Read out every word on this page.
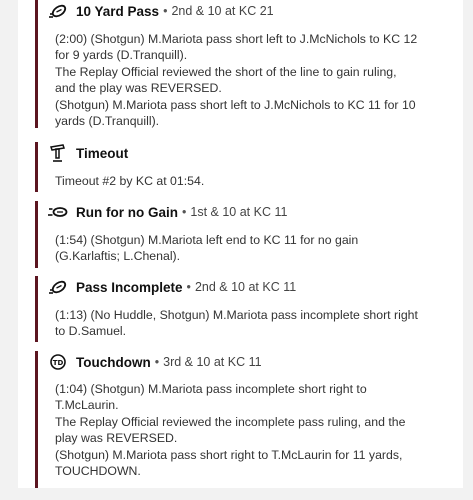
10 Yard Pass • 2nd & 10 at KC 21
(2:00) (Shotgun) M.Mariota pass short left to J.McNichols to KC 12
for 9 yards (D.Tranquill).
The Replay Official reviewed the short of the line to gain ruling,
and the play was REVERSED.
(Shotgun) M.Mariota pass short left to J.McNichols to KC 11 for 10
yards (D.Tranquill).
Timeout
Timeout #2 by KC at 01:54.
Run for no Gain • 1st & 10 at KC 11
(1:54) (Shotgun) M.Mariota left end to KC 11 for no gain
(G.Karlaftis; L.Chenal).
Pass Incomplete • 2nd & 10 at KC 11
(1:13) (No Huddle, Shotgun) M.Mariota pass incomplete short right
to D.Samuel.
TD Touchdown • 3rd & 10 at KC 11
(1:04) (Shotgun) M.Mariota pass incomplete short right to
T.McLaurin.
The Replay Official reviewed the incomplete pass ruling, and the
play was REVERSED.
(Shotgun) M.Mariota pass short right to T.McLaurin for 11 yards,
TOUCHDOWN.
